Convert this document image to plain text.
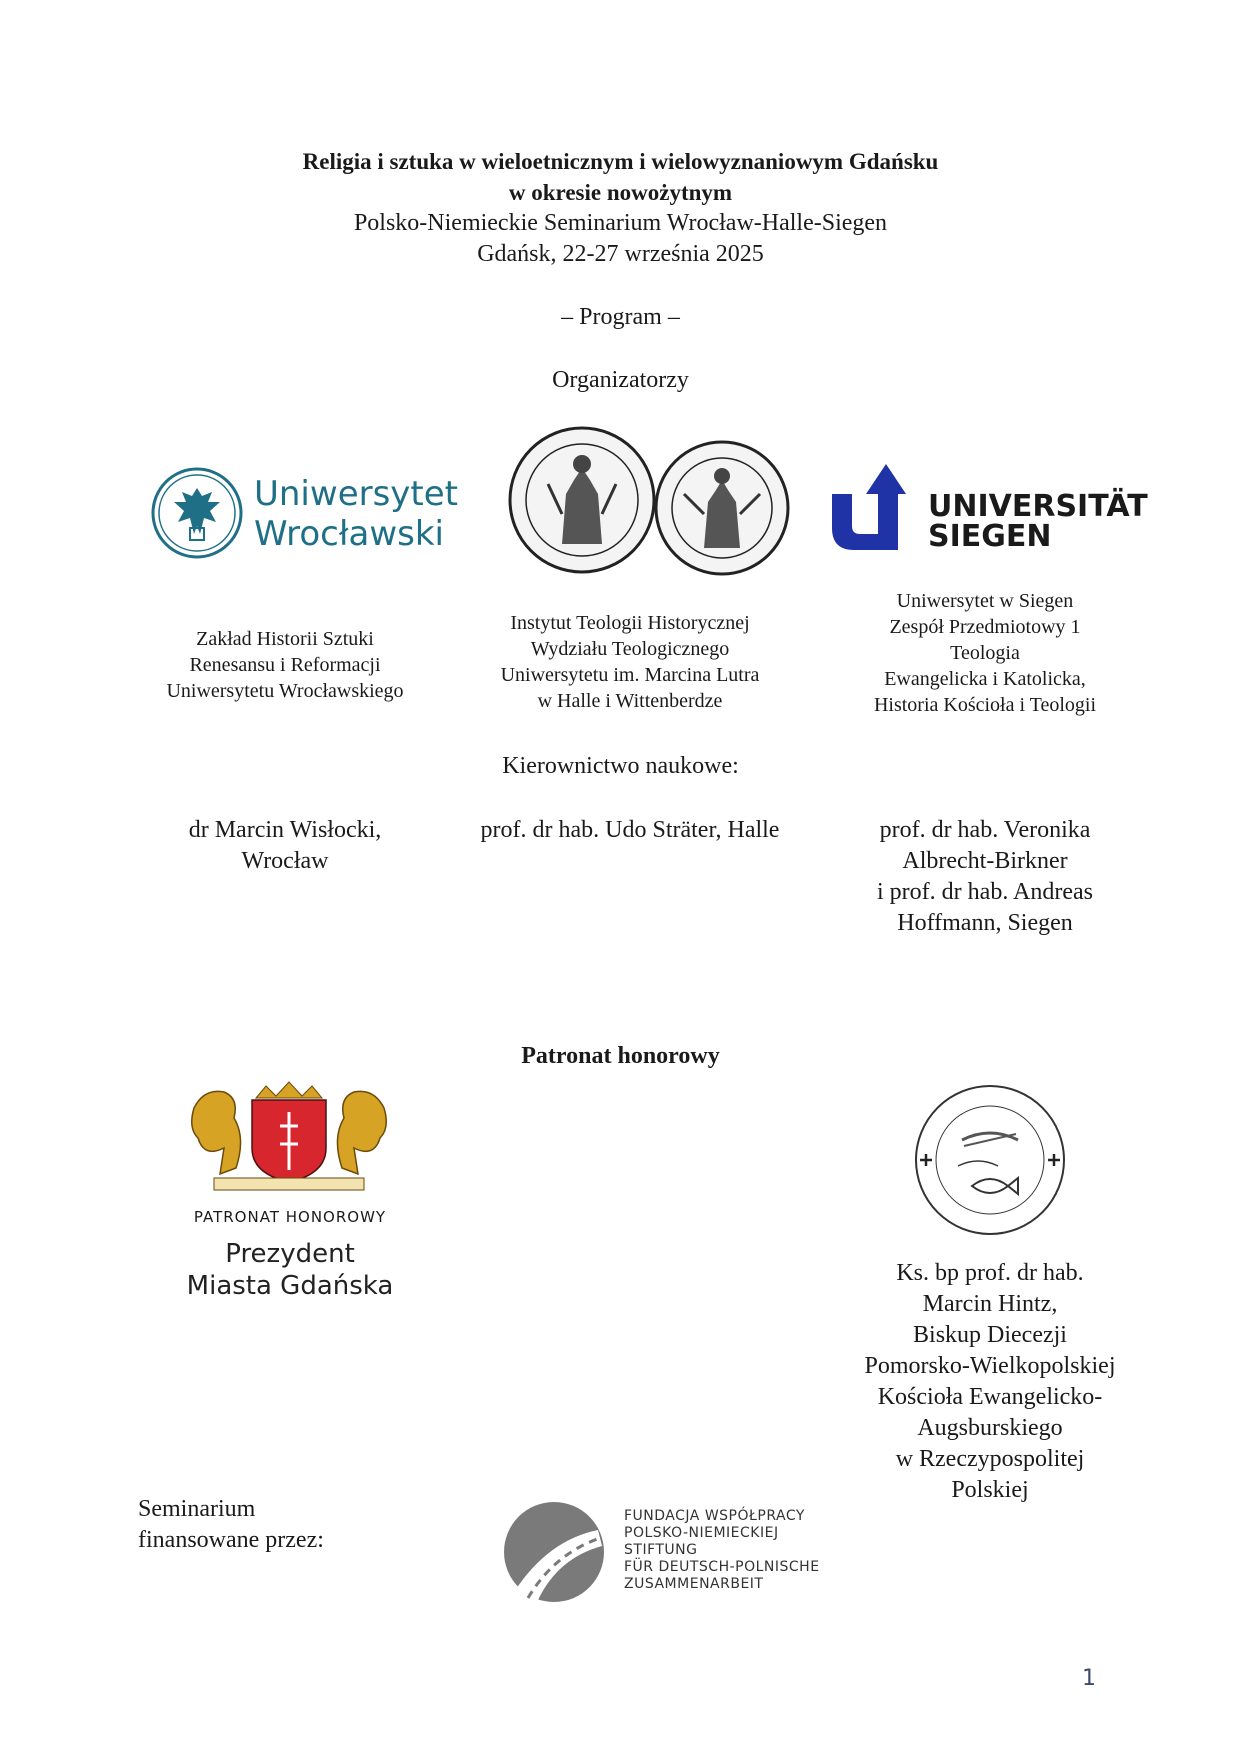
Religia i sztuka w wieloetnicznym i wielowyznaniowym Gdańsku
w okresie nowożytnym
Polsko-Niemieckie Seminarium Wrocław-Halle-Siegen
Gdańsk, 22-27 września 2025
– Program –
Organizatorzy
Uniwersytet
Wrocławski
UNIVERSITÄT
SIEGEN
Zakład Historii Sztuki
Renesansu i Reformacji
Uniwersytetu Wrocławskiego
Instytut Teologii Historycznej
Wydziału Teologicznego
Uniwersytetu im. Marcina Lutra
w Halle i Wittenberdze
Uniwersytet w Siegen
Zespół Przedmiotowy 1
Teologia
Ewangelicka i Katolicka,
Historia Kościoła i Teologii
Kierownictwo naukowe:
dr Marcin Wisłocki,
Wrocław
prof. dr hab. Udo Sträter, Halle	prof. dr hab. Veronika
Albrecht-Birkner
i prof. dr hab. Andreas
Hoffmann, Siegen
Patronat honorowy
PATRONAT HONOROWY
Prezydent
Miasta Gdańska	Ks. bp prof. dr hab.
Marcin Hintz,
Biskup Diecezji
Pomorsko-Wielkopolskiej
Kościoła Ewangelicko-
Augsburskiego
w Rzeczypospolitej
Polskiej
Seminarium
finansowane przez:
FUNDACJA WSPÓŁPRACY
POLSKO-NIEMIECKIEJ
STIFTUNG
FÜR DEUTSCH-POLNISCHE
ZUSAMMENARBEIT
1
